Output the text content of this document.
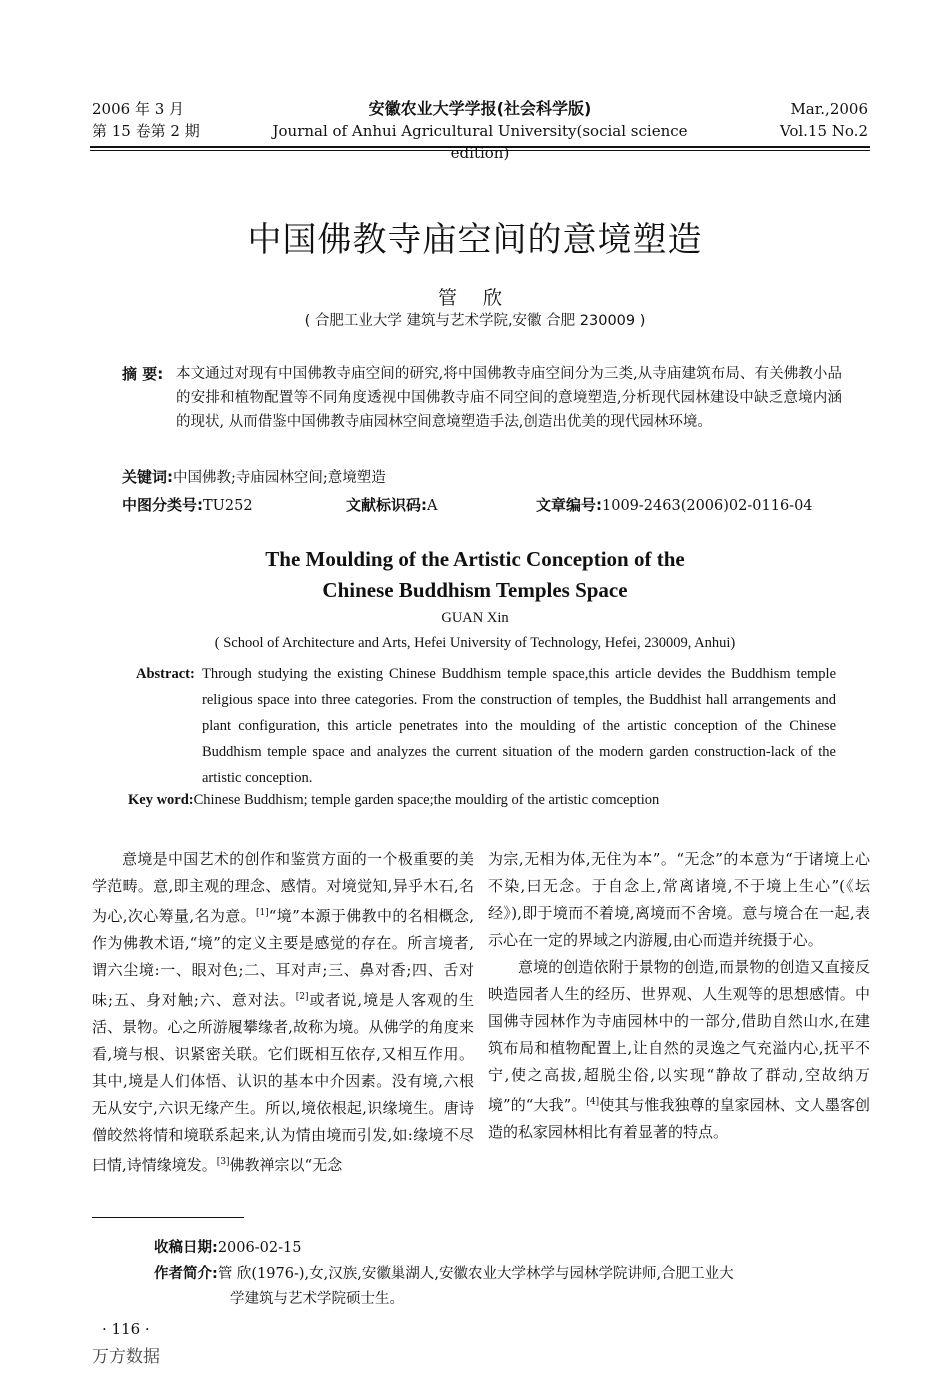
2006 年 3 月
第 15 卷第 2 期
安徽农业大学学报(社会科学版)
Journal of Anhui Agricultural University(social science edition)
Mar.,2006
Vol.15 No.2
中国佛教寺庙空间的意境塑造
管 欣
( 合肥工业大学 建筑与艺术学院,安徽 合肥 230009 )
摘 要: 本文通过对现有中国佛教寺庙空间的研究,将中国佛教寺庙空间分为三类,从寺庙建筑布局、有关佛教小品的安排和植物配置等不同角度透视中国佛教寺庙不同空间的意境塑造,分析现代园林建设中缺乏意境内涵的现状, 从而借鉴中国佛教寺庙园林空间意境塑造手法,创造出优美的现代园林环境。
关键词:中国佛教;寺庙园林空间;意境塑造
中图分类号:TU252	文献标识码:A	文章编号:1009-2463(2006)02-0116-04
The Moulding of the Artistic Conception of the
Chinese Buddhism Temples Space
GUAN Xin
( School of Architecture and Arts, Hefei University of Technology, Hefei, 230009, Anhui)
Abstract: Through studying the existing Chinese Buddhism temple space,this article devides the Buddhism temple religious space into three categories. From the construction of temples, the Buddhist hall arrangements and plant configuration, this article penetrates into the moulding of the artistic conception of the Chinese Buddhism temple space and analyzes the current situation of the modern garden construction-lack of the artistic conception.
Key word:Chinese Buddhism; temple garden space;the mouldirg of the artistic comception

意境是中国艺术的创作和鉴赏方面的一个极重要的美学范畴。意,即主观的理念、感情。对境觉知,异乎木石,名为心,次心筹量,名为意。[1]“境”本源于佛教中的名相概念,作为佛教术语,“境”的定义主要是感觉的存在。所言境者,谓六尘境:一、眼对色;二、耳对声;三、鼻对香;四、舌对味;五、身对触;六、意对法。[2]或者说,境是人客观的生活、景物。心之所游履攀缘者,故称为境。从佛学的角度来看,境与根、识紧密关联。它们既相互依存,又相互作用。其中,境是人们体悟、认识的基本中介因素。没有境,六根无从安宁,六识无缘产生。所以,境依根起,识缘境生。唐诗僧皎然将情和境联系起来,认为情由境而引发,如:缘境不尽曰情,诗情缘境发。[3]佛教禅宗以“无念

为宗,无相为体,无住为本”。“无念”的本意为“于诸境上心不染,曰无念。于自念上,常离诸境,不于境上生心”(《坛经》),即于境而不着境,离境而不舍境。意与境合在一起,表示心在一定的界域之内游履,由心而造并统摄于心。

意境的创造依附于景物的创造,而景物的创造又直接反映造园者人生的经历、世界观、人生观等的思想感情。中国佛寺园林作为寺庙园林中的一部分,借助自然山水,在建筑布局和植物配置上,让自然的灵逸之气充溢内心,抚平不宁,使之高拔,超脱尘俗,以实现“静故了群动,空故纳万境”的“大我”。[4]使其与惟我独尊的皇家园林、文人墨客创造的私家园林相比有着显著的特点。

收稿日期:2006-02-15
作者简介:管 欣(1976-),女,汉族,安徽巢湖人,安徽农业大学林学与园林学院讲师,合肥工业大
学建筑与艺术学院硕士生。
· 116 ·
万方数据
